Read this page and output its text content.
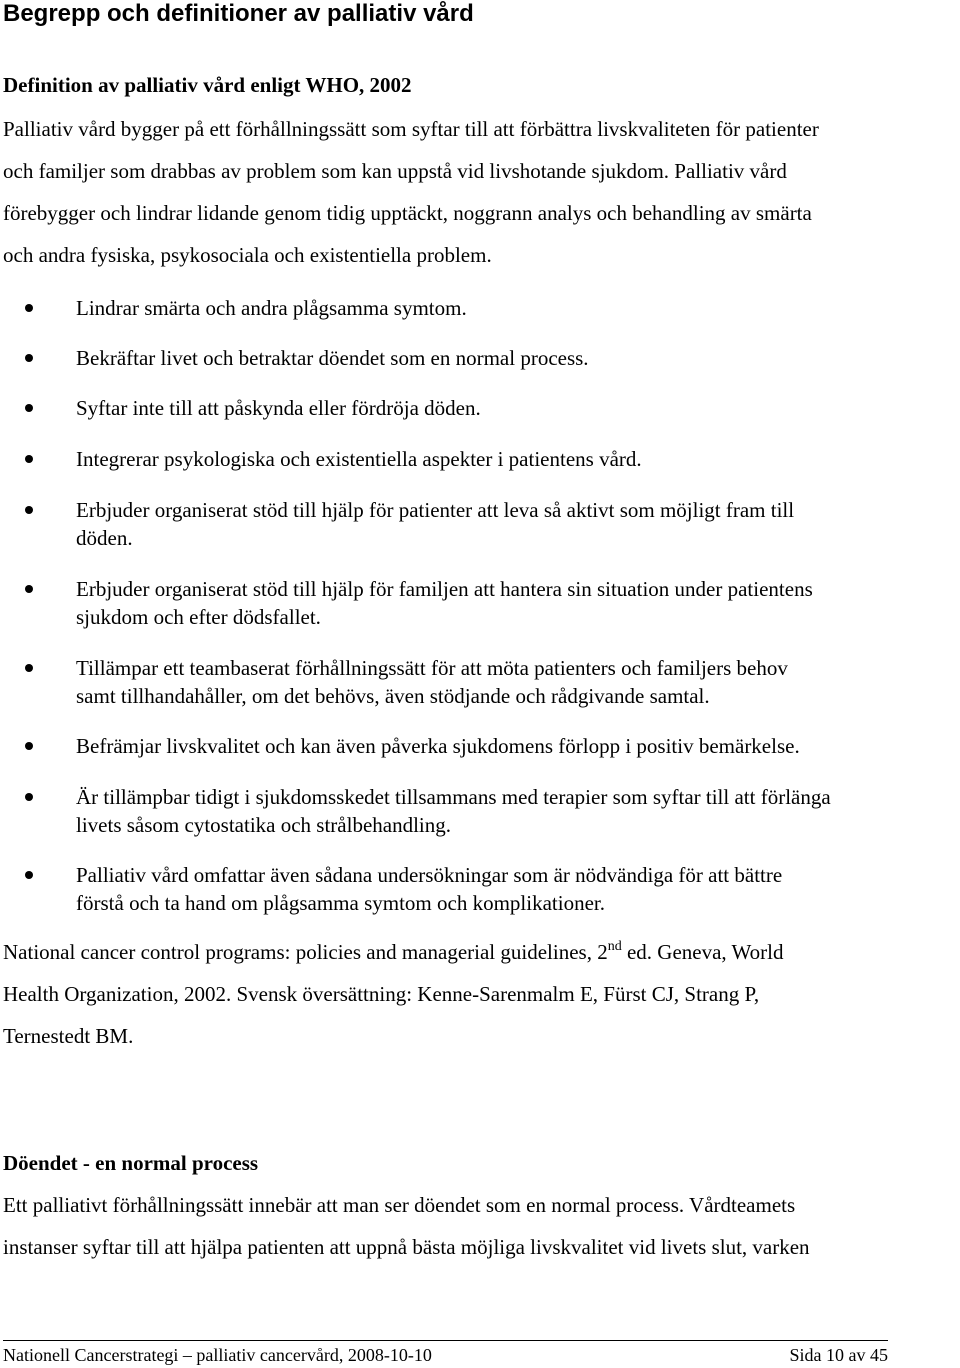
Begrepp och definitioner av palliativ vård
Definition av palliativ vård enligt WHO, 2002
Palliativ vård bygger på ett förhållningssätt som syftar till att förbättra livskvaliteten för patienter
och familjer som drabbas av problem som kan uppstå vid livshotande sjukdom. Palliativ vård
förebygger och lindrar lidande genom tidig upptäckt, noggrann analys och behandling av smärta
och andra fysiska, psykosociala och existentiella problem.
Lindrar smärta och andra plågsamma symtom.
Bekräftar livet och betraktar döendet som en normal process.
Syftar inte till att påskynda eller fördröja döden.
Integrerar psykologiska och existentiella aspekter i patientens vård.
Erbjuder organiserat stöd till hjälp för patienter att leva så aktivt som möjligt fram till
döden.
Erbjuder organiserat stöd till hjälp för familjen att hantera sin situation under patientens
sjukdom och efter dödsfallet.
Tillämpar ett teambaserat förhållningssätt för att möta patienters och familjers behov
samt tillhandahåller, om det behövs, även stödjande och rådgivande samtal.
Befrämjar livskvalitet och kan även påverka sjukdomens förlopp i positiv bemärkelse.
Är tillämpbar tidigt i sjukdomsskedet tillsammans med terapier som syftar till att förlänga
livets såsom cytostatika och strålbehandling.
Palliativ vård omfattar även sådana undersökningar som är nödvändiga för att bättre
förstå och ta hand om plågsamma symtom och komplikationer.
National cancer control programs: policies and managerial guidelines, 2nd ed. Geneva, World
Health Organization, 2002. Svensk översättning: Kenne-Sarenmalm E, Fürst CJ, Strang P,
Ternestedt BM.
Döendet - en normal process
Ett palliativt förhållningssätt innebär att man ser döendet som en normal process. Vårdteamets
instanser syftar till att hjälpa patienten att uppnå bästa möjliga livskvalitet vid livets slut, varken
Nationell Cancerstrategi – palliativ cancervård, 2008-10-10	Sida 10 av 45
